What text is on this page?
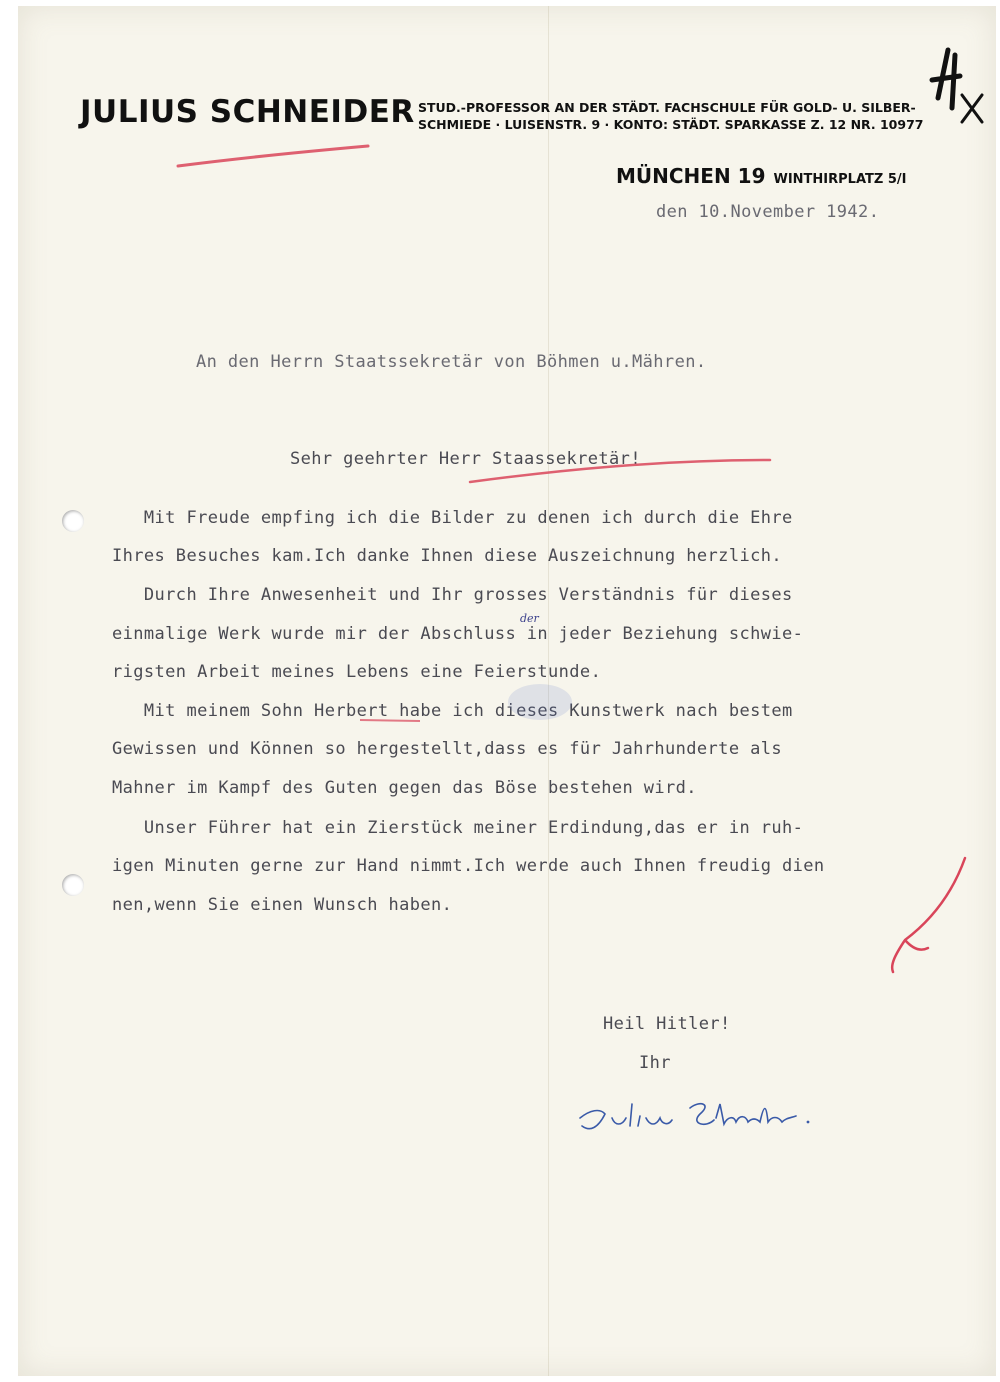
JULIUS SCHNEIDER STUD.-PROFESSOR AN DER STÄDT. FACHSCHULE FÜR GOLD- U. SILBER-
SCHMIEDE · LUISENSTR. 9 · KONTO: STÄDT. SPARKASSE Z. 12 NR. 10977
MÜNCHEN 19 WINTHIRPLATZ 5/I
den 10.November 1942.
An den Herrn Staatssekretär von Böhmen u.Mähren.
Sehr geehrter Herr Staassekretär!
Mit Freude empfing ich die Bilder zu denen ich durch die Ehre
Ihres Besuches kam.Ich danke Ihnen diese Auszeichnung herzlich.
Durch Ihre Anwesenheit und Ihr grosses Verständnis für dieses
einmalige Werk wurde mir der Abschluss in jeder Beziehung schwie-
rigsten Arbeit meines Lebens eine Feierstunde.
Mit meinem Sohn Herbert habe ich dieses Kunstwerk nach bestem
Gewissen und Können so hergestellt,dass es für Jahrhunderte als
Mahner im Kampf des Guten gegen das Böse bestehen wird.
Unser Führer hat ein Zierstück meiner Erdindung,das er in ruh-
igen Minuten gerne zur Hand nimmt.Ich werde auch Ihnen freudig dien
nen,wenn Sie einen Wunsch haben.
der
Heil Hitler!
Ihr
